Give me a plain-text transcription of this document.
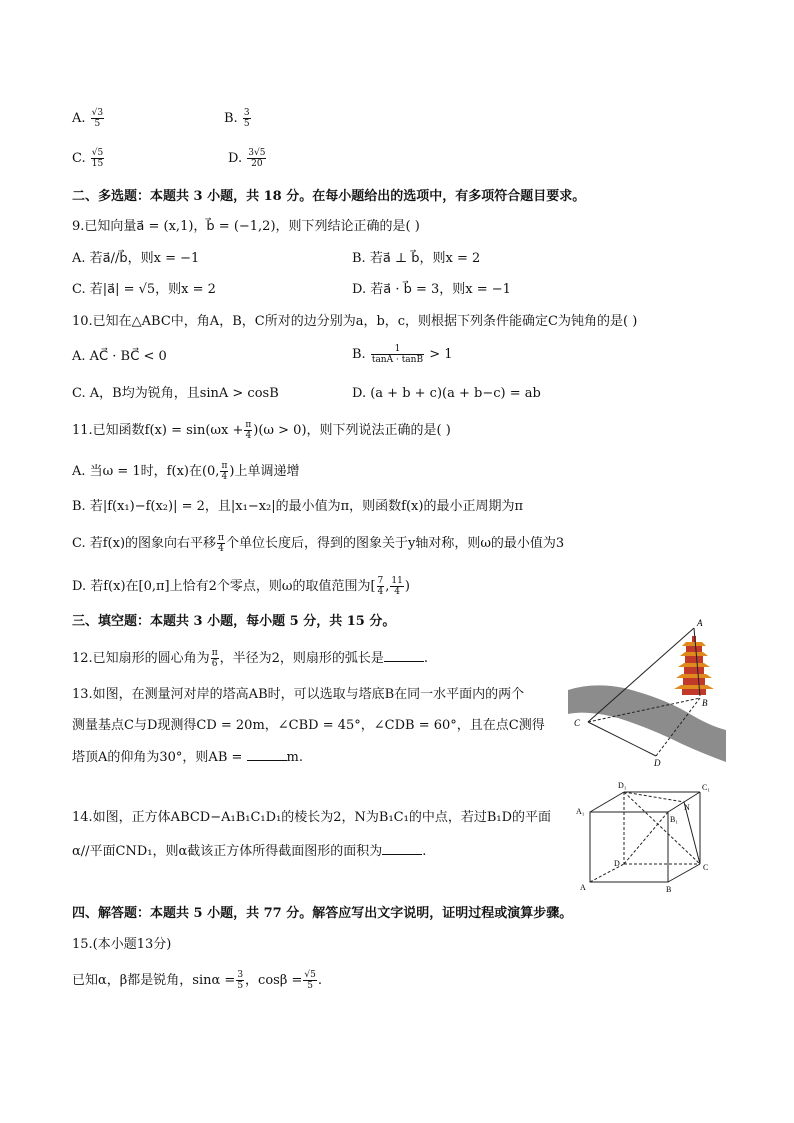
A. $\frac{√3}{5}$	B. $\frac{3}{5}$
C. $\frac{√5}{15}$	D. $\frac{3√5}{20}$
二、多选题：本题共 3 小题，共 18 分。在每小题给出的选项中，有多项符合题目要求。
9.已知向量a⃗ = (x,1)，b⃗ = (−1,2)，则下列结论正确的是( )
A. 若a⃗//b⃗，则x = −1	B. 若a⃗ ⊥ b⃗，则x = 2
C. 若|a⃗| = √5，则x = 2	D. 若a⃗ · b⃗ = 3，则x = −1
10.已知在△ABC中，角A，B，C所对的边分别为a，b，c，则根据下列条件能确定C为钝角的是( )
A. AC⃗ · BC⃗ < 0	B. $\frac{1}{\tan A \cdot \tan B} > 1$
C. A，B均为锐角，且sinA > cosB	D. (a + b + c)(a + b−c) = ab
11.已知函数$f(x) = \sin(\omega x + \frac{\pi}{4} )(\omega > 0)$，则下列说法正确的是( )
A. 当ω = 1时，f(x)在(0, $\frac{\pi}{4}$ )上单调递增
B. 若|f(x₁)−f(x₂)| = 2，且|x₁−x₂|的最小值为π，则函数f(x)的最小正周期为π
C. 若f(x)的图象向右平移 $\frac{\pi}{4}$ 个单位长度后，得到的图象关于y轴对称，则ω的最小值为3
D. 若f(x)在[0,π]上恰有2个零点，则ω的取值范围为[ $\frac{7}{4}$ , $\frac{11}{4}$ )
三、填空题：本题共 3 小题，每小题 5 分，共 15 分。
12.已知扇形的圆心角为 $\frac{\pi}{6}$ ，半径为2，则扇形的弧长是	.
13.如图，在测量河对岸的塔高AB时，可以选取与塔底B在同一水平面内的两个
测量基点C与D现测得CD = 20m，∠CBD = 45°，∠CDB = 60°，且在点C测得
塔顶A的仰角为30°，则AB =	m.
A
B
C
D
14.如图，正方体ABCD−A₁B₁C₁D₁的棱长为2，N为B₁C₁的中点，若过B₁D的平面
α//平面CND₁，则α截该正方体所得截面图形的面积为	.
D₁	C₁
A₁
B₁
N
D	C
A	B
四、解答题：本题共 5 小题，共 77 分。解答应写出文字说明，证明过程或演算步骤。
15.(本小题13分)
已知α，β都是锐角，$\sin\alpha = \frac{3}{5}$ ，$\cos\beta = \frac{√5}{5}$ .
